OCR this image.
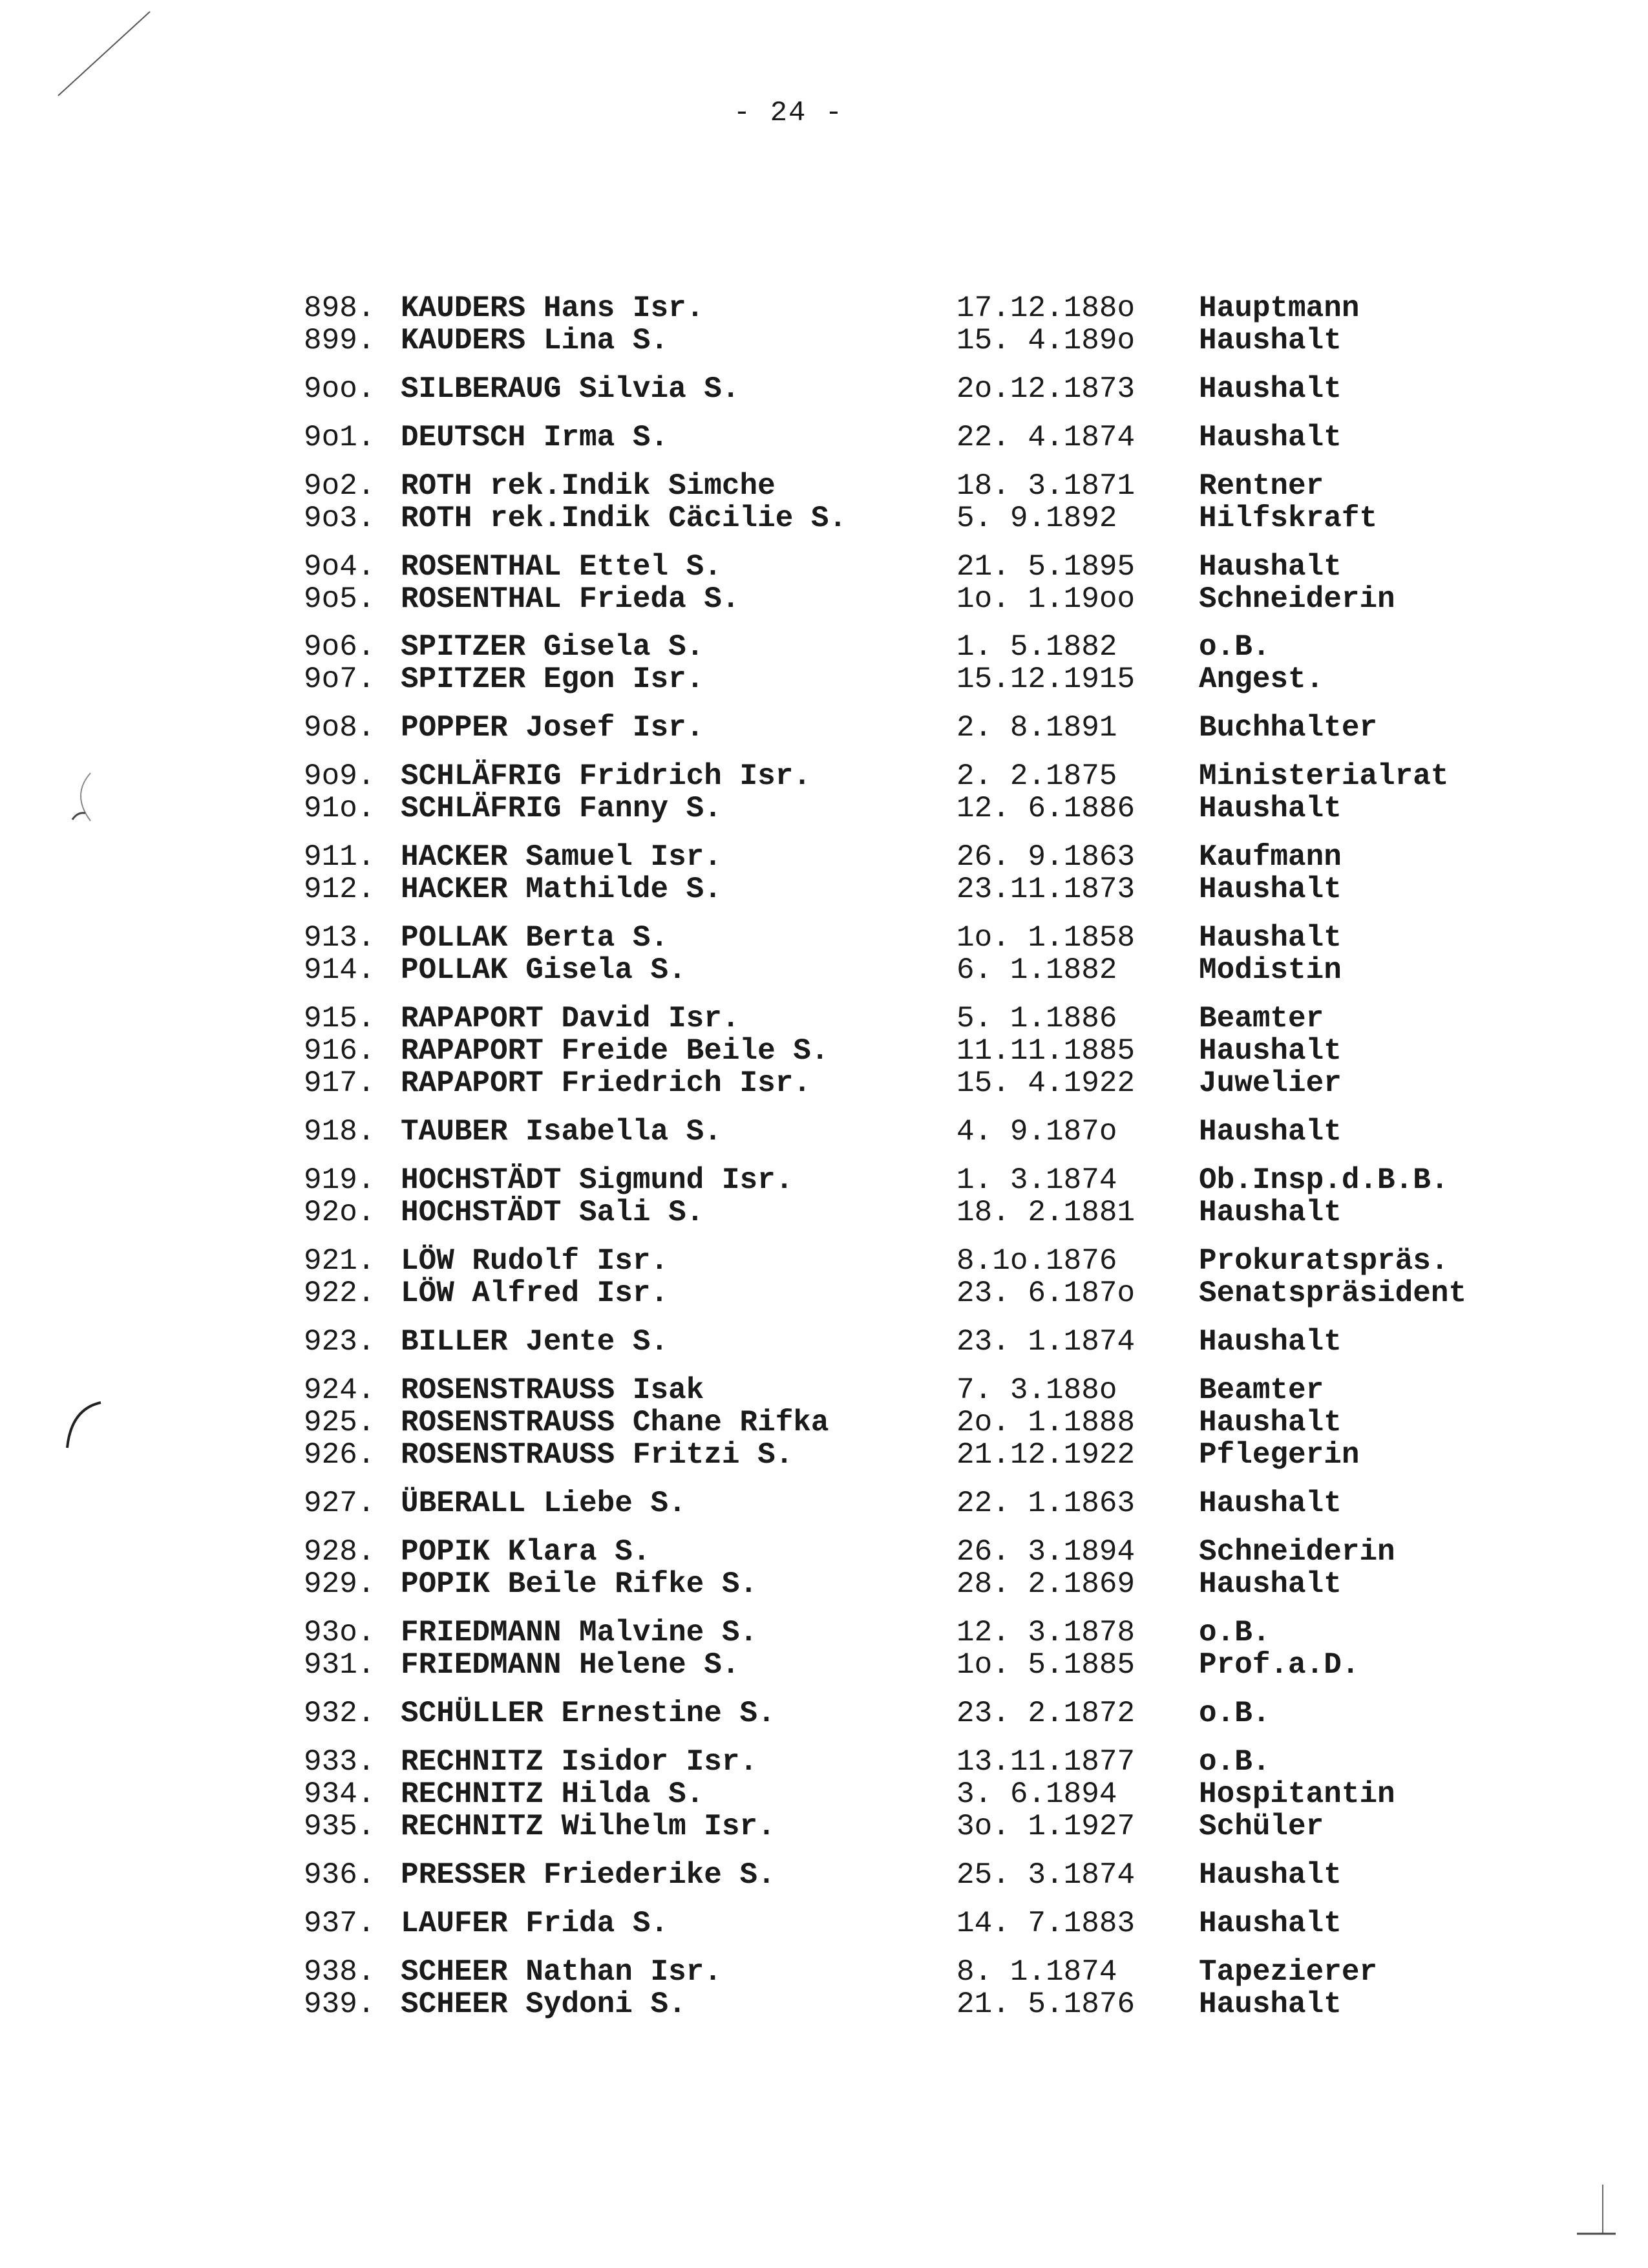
- 24 -
898. KAUDERS Hans Isr.	17.12.188o Hauptmann
899. KAUDERS Lina S.	15. 4.189o Haushalt
9oo. SILBERAUG Silvia S.	2o.12.1873 Haushalt
9o1. DEUTSCH Irma S.	22. 4.1874 Haushalt
9o2. ROTH rek.Indik Simche	18. 3.1871 Rentner
9o3. ROTH rek.Indik Cäcilie S.	5. 9.1892	Hilfskraft
9o4. ROSENTHAL Ettel S.	21. 5.1895 Haushalt
9o5. ROSENTHAL Frieda S.	1o. 1.19oo Schneiderin
9o6. SPITZER Gisela S.	1. 5.1882	o.B.
9o7. SPITZER Egon Isr.	15.12.1915 Angest.
9o8. POPPER Josef Isr.	2. 8.1891	Buchhalter
9o9. SCHLÄFRIG Fridrich Isr.	2. 2.1875	Ministerialrat
91o. SCHLÄFRIG Fanny S.	12. 6.1886 Haushalt
911. HACKER Samuel Isr.	26. 9.1863 Kaufmann
912. HACKER Mathilde S.	23.11.1873 Haushalt
913. POLLAK Berta S.	1o. 1.1858 Haushalt
914. POLLAK Gisela S.	6. 1.1882	Modistin
915. RAPAPORT David Isr.	5. 1.1886	Beamter
916. RAPAPORT Freide Beile S.	11.11.1885 Haushalt
917. RAPAPORT Friedrich Isr.	15. 4.1922 Juwelier
918. TAUBER Isabella S.	4. 9.187o	Haushalt
919. HOCHSTÄDT Sigmund Isr.	1. 3.1874	Ob.Insp.d.B.B.
92o. HOCHSTÄDT Sali S.	18. 2.1881 Haushalt
921. LÖW Rudolf Isr.	8.1o.1876	Prokuratspräs.
922. LÖW Alfred Isr.	23. 6.187o Senatspräsident
923. BILLER Jente S.	23. 1.1874 Haushalt
924. ROSENSTRAUSS Isak	7. 3.188o	Beamter
925. ROSENSTRAUSS Chane Rifka	2o. 1.1888 Haushalt
926. ROSENSTRAUSS Fritzi S.	21.12.1922 Pflegerin
927. ÜBERALL Liebe S.	22. 1.1863 Haushalt
928. POPIK Klara S.	26. 3.1894 Schneiderin
929. POPIK Beile Rifke S.	28. 2.1869 Haushalt
93o. FRIEDMANN Malvine S.	12. 3.1878 o.B.
931. FRIEDMANN Helene S.	1o. 5.1885 Prof.a.D.
932. SCHÜLLER Ernestine S.	23. 2.1872 o.B.
933. RECHNITZ Isidor Isr.	13.11.1877 o.B.
934. RECHNITZ Hilda S.	3. 6.1894	Hospitantin
935. RECHNITZ Wilhelm Isr.	3o. 1.1927 Schüler
936. PRESSER Friederike S.	25. 3.1874 Haushalt
937. LAUFER Frida S.	14. 7.1883 Haushalt
938. SCHEER Nathan Isr.	8. 1.1874	Tapezierer
939. SCHEER Sydoni S.	21. 5.1876 Haushalt
